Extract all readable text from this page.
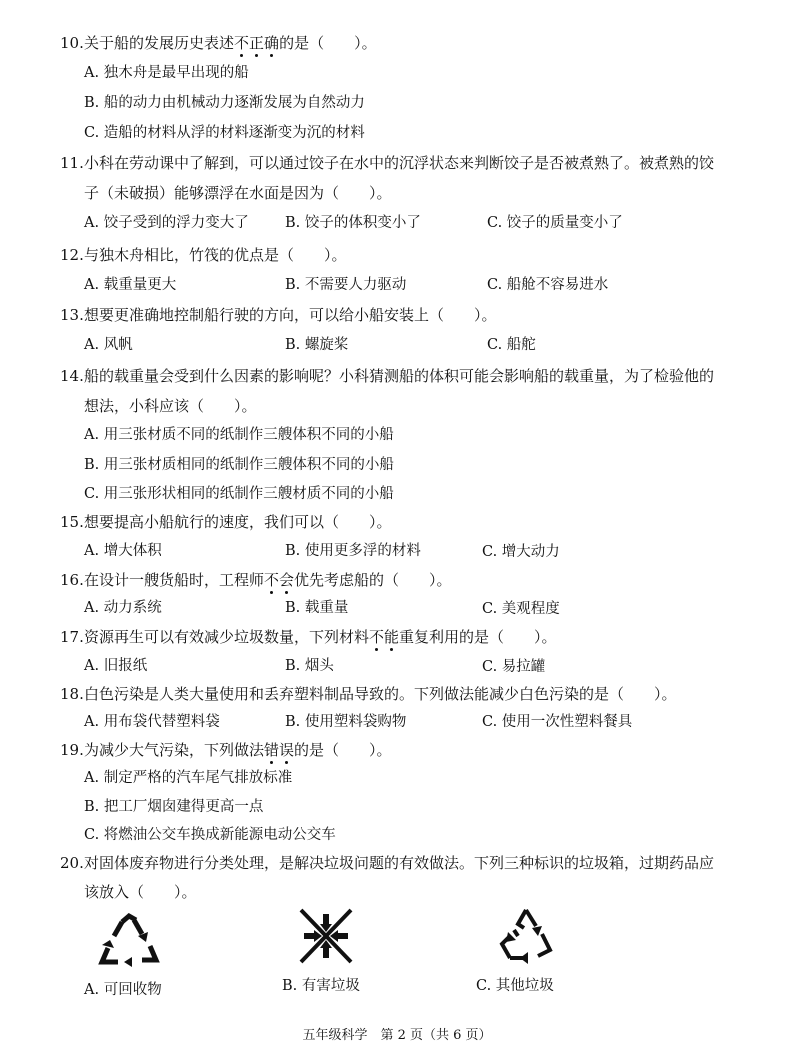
10.关于船的发展历史表述不正确的是（　　）。
A. 独木舟是最早出现的船
B. 船的动力由机械动力逐渐发展为自然动力
C. 造船的材料从浮的材料逐渐变为沉的材料
11.小科在劳动课中了解到，可以通过饺子在水中的沉浮状态来判断饺子是否被煮熟了。被煮熟的饺
子（未破损）能够漂浮在水面是因为（　　）。
A. 饺子受到的浮力变大了	B. 饺子的体积变小了	C. 饺子的质量变小了
12.与独木舟相比，竹筏的优点是（　　）。
A. 载重量更大	B. 不需要人力驱动	C. 船舱不容易进水
13.想要更准确地控制船行驶的方向，可以给小船安装上（　　）。
A. 风帆	B. 螺旋桨	C. 船舵
14.船的载重量会受到什么因素的影响呢？小科猜测船的体积可能会影响船的载重量，为了检验他的
想法，小科应该（　　）。
A. 用三张材质不同的纸制作三艘体积不同的小船
B. 用三张材质相同的纸制作三艘体积不同的小船
C. 用三张形状相同的纸制作三艘材质不同的小船
15.想要提高小船航行的速度，我们可以（　　）。
A. 增大体积	B. 使用更多浮的材料	C. 增大动力
16.在设计一艘货船时，工程师不会优先考虑船的（　　）。
A. 动力系统	B. 载重量	C. 美观程度
17.资源再生可以有效减少垃圾数量，下列材料不能重复利用的是（　　）。
A. 旧报纸	B. 烟头	C. 易拉罐
18.白色污染是人类大量使用和丢弃塑料制品导致的。下列做法能减少白色污染的是（　　）。
A. 用布袋代替塑料袋	B. 使用塑料袋购物	C. 使用一次性塑料餐具
19.为减少大气污染，下列做法错误的是（　　）。
A. 制定严格的汽车尾气排放标准
B. 把工厂烟囱建得更高一点
C. 将燃油公交车换成新能源电动公交车
20.对固体废弃物进行分类处理，是解决垃圾问题的有效做法。下列三种标识的垃圾箱，过期药品应
该放入（　　）。
A. 可回收物	B. 有害垃圾	C. 其他垃圾
五年级科学　第 2 页（共 6 页）
